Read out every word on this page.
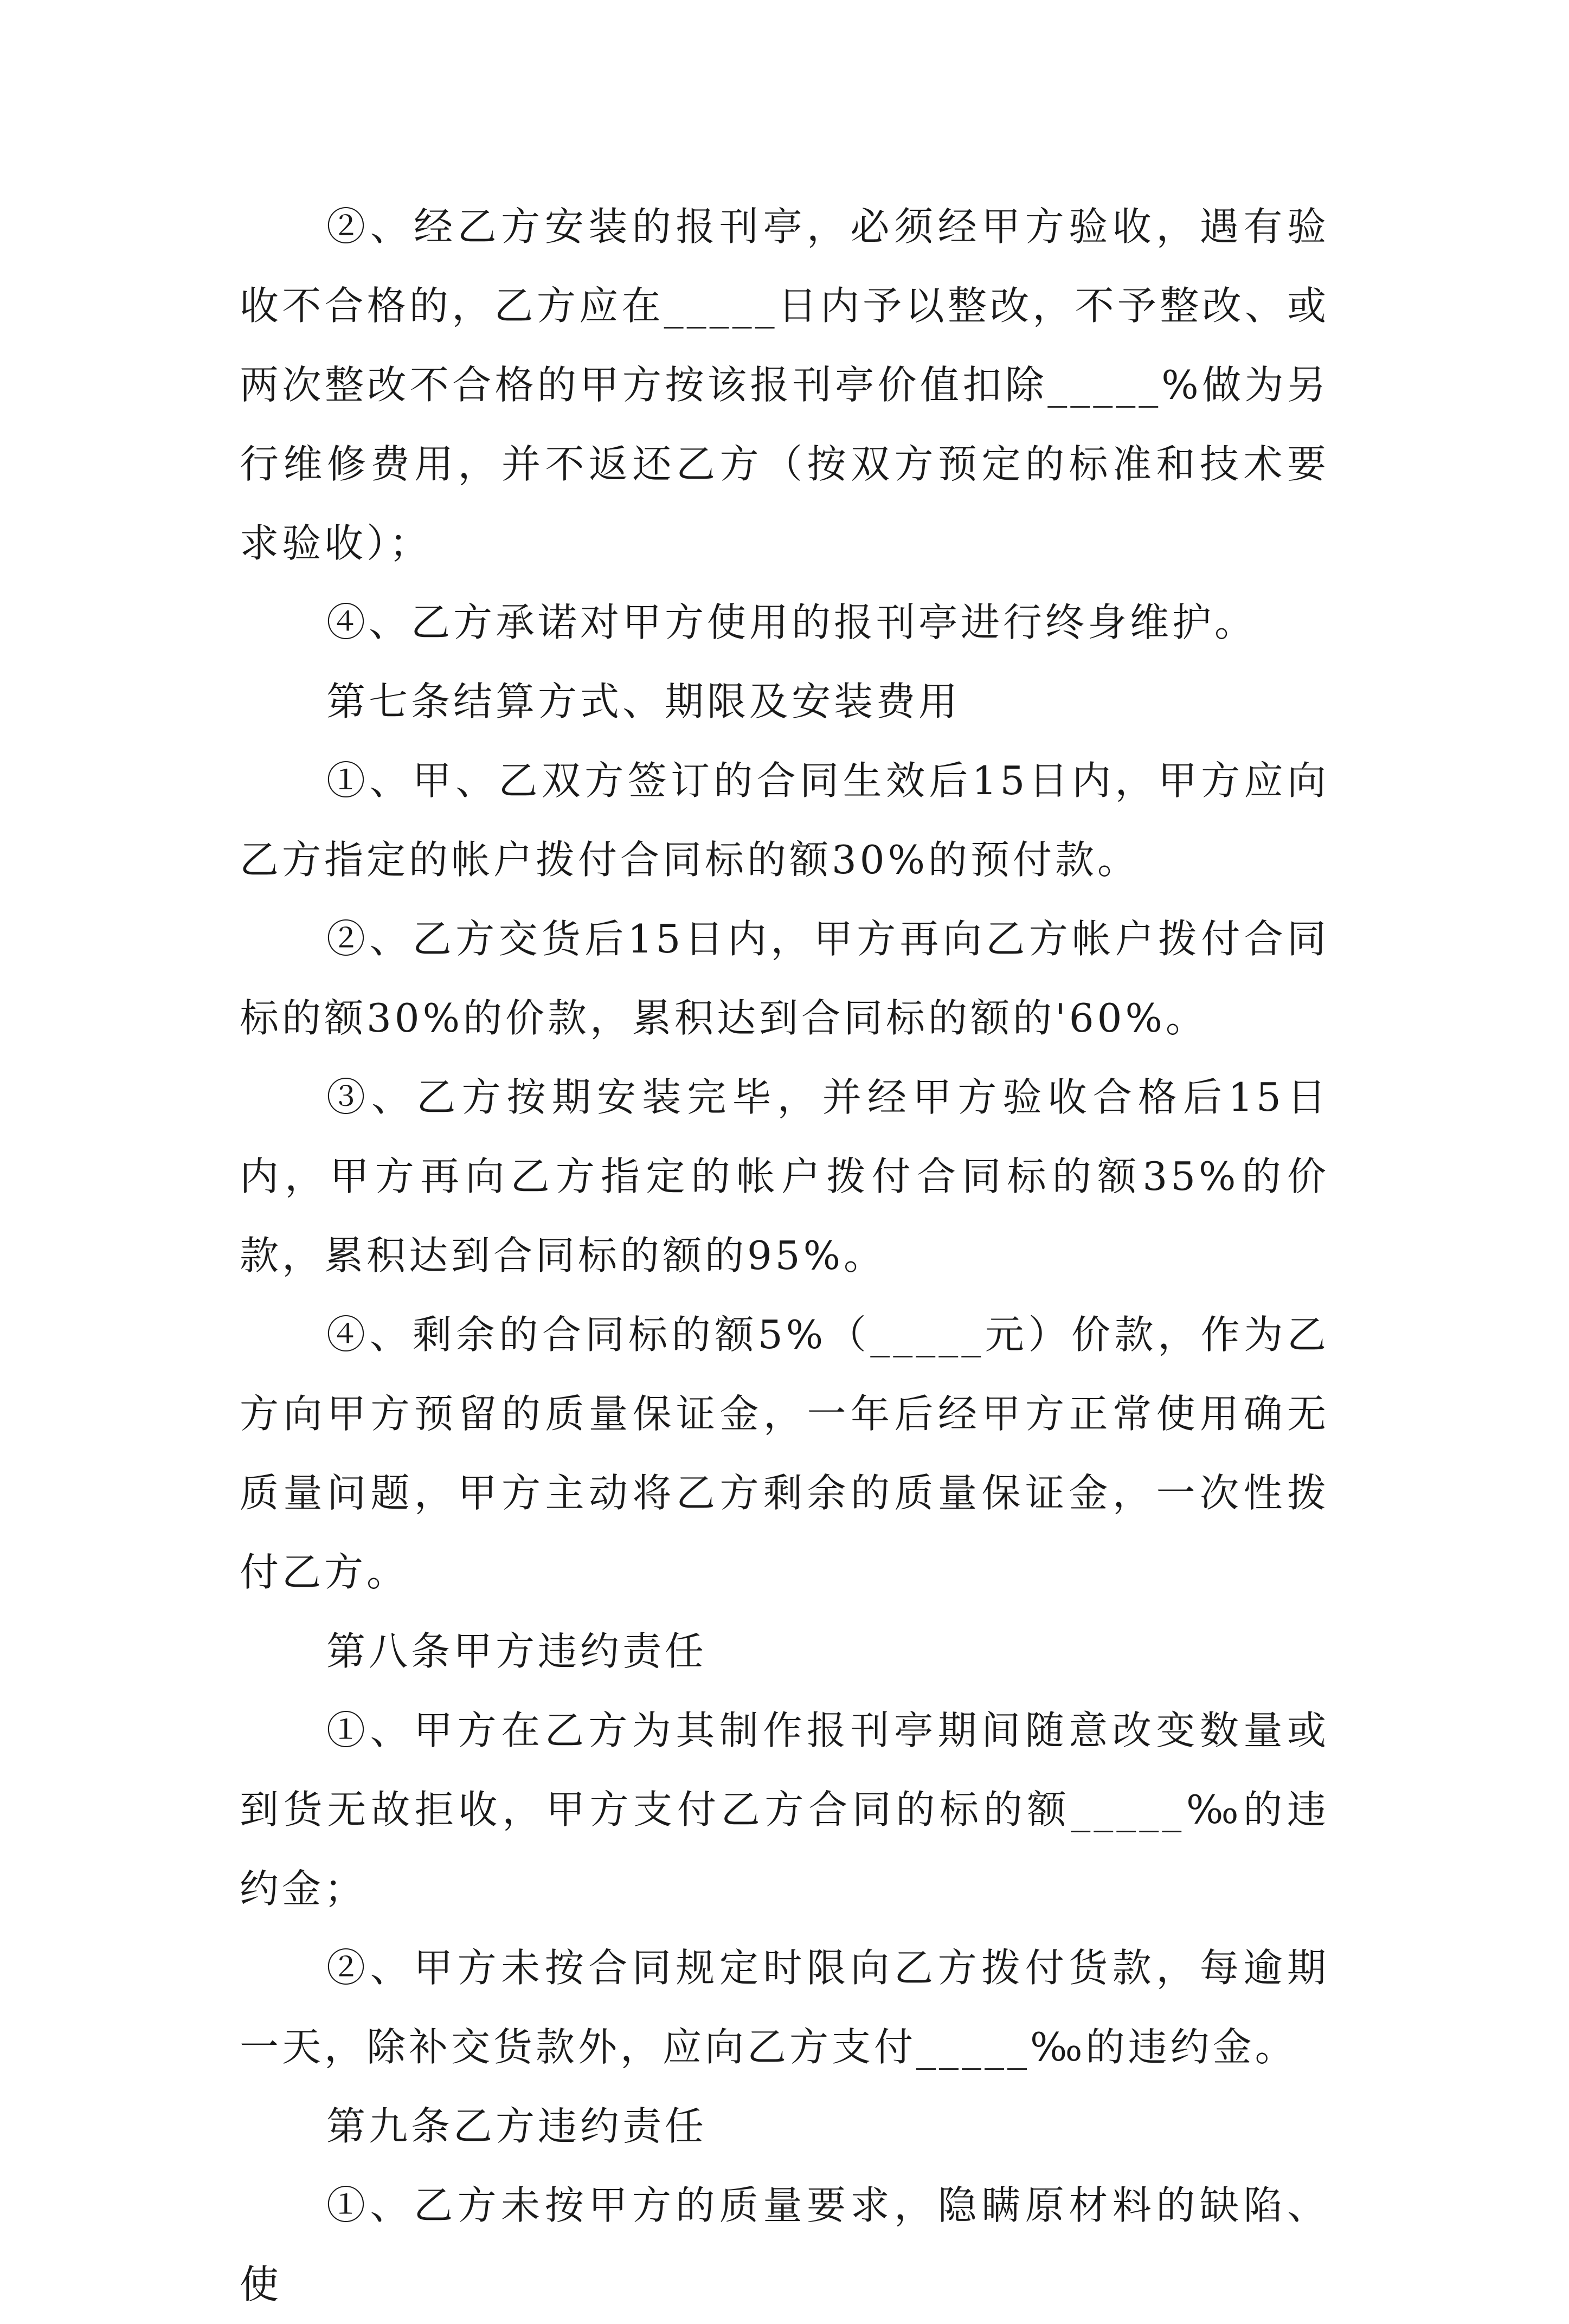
②、经乙方安装的报刊亭，必须经甲方验收，遇有验收不合格的，乙方应在_____日内予以整改，不予整改、或两次整改不合格的甲方按该报刊亭价值扣除_____%做为另行维修费用，并不返还乙方（按双方预定的标准和技术要求验收）；

④、乙方承诺对甲方使用的报刊亭进行终身维护。

第七条结算方式、期限及安装费用

①、甲、乙双方签订的合同生效后15日内，甲方应向乙方指定的帐户拨付合同标的额30%的预付款。

②、乙方交货后15日内，甲方再向乙方帐户拨付合同标的额30%的价款，累积达到合同标的额的'60%。

③、乙方按期安装完毕，并经甲方验收合格后15日内，甲方再向乙方指定的帐户拨付合同标的额35%的价款，累积达到合同标的额的95%。

④、剩余的合同标的额5%（_____元）价款，作为乙方向甲方预留的质量保证金，一年后经甲方正常使用确无质量问题，甲方主动将乙方剩余的质量保证金，一次性拨付乙方。

第八条甲方违约责任

①、甲方在乙方为其制作报刊亭期间随意改变数量或到货无故拒收，甲方支付乙方合同的标的额_____‰的违约金；

②、甲方未按合同规定时限向乙方拨付货款，每逾期一天，除补交货款外，应向乙方支付_____‰的违约金。

第九条乙方违约责任

①、乙方未按甲方的质量要求，隐瞒原材料的缺陷、使
